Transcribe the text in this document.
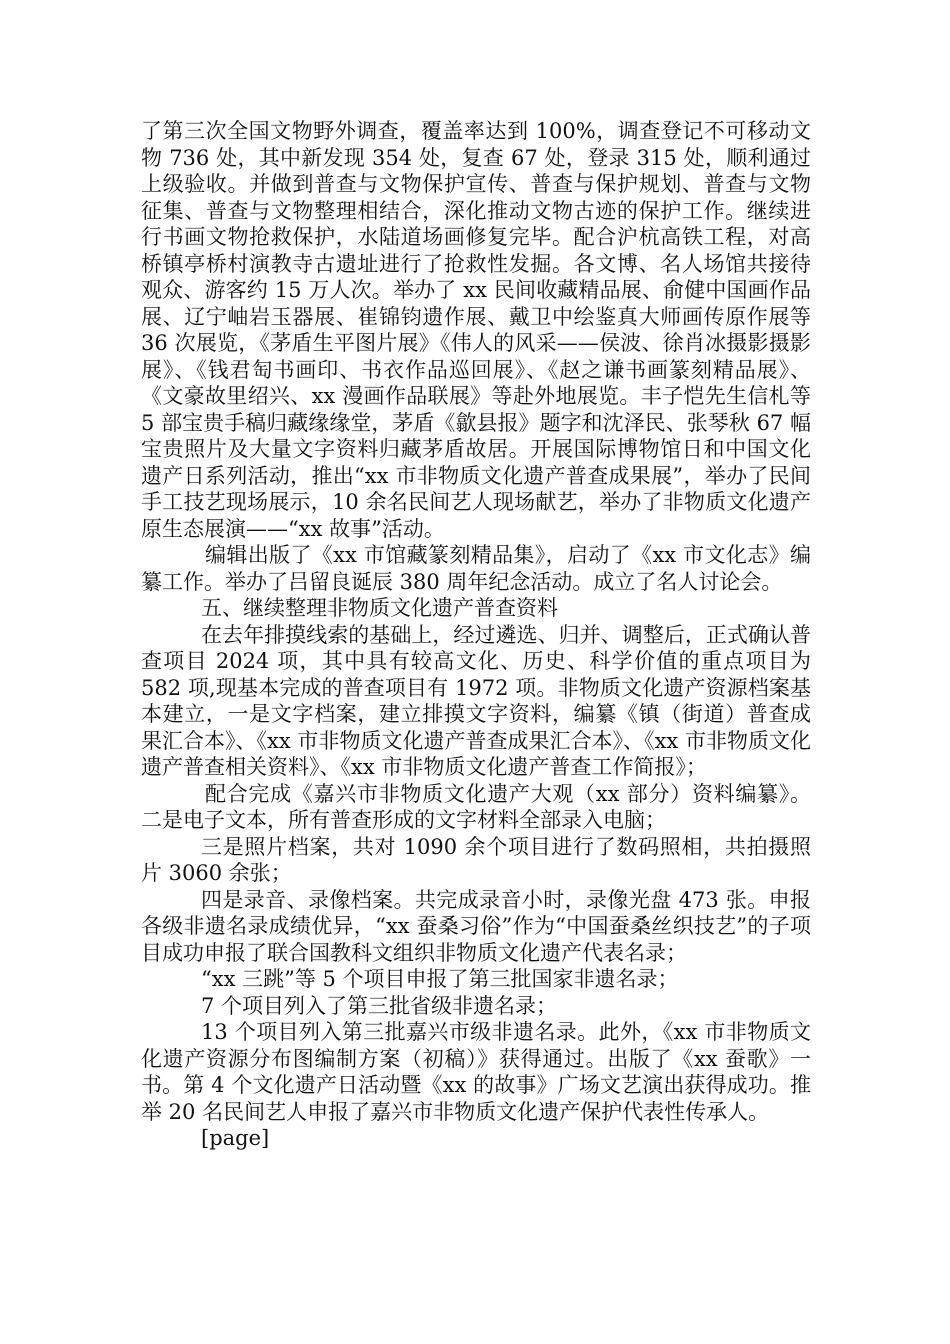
了第三次全国文物野外调查，覆盖率达到 100%，调查登记不可移动文物 736 处，其中新发现 354 处，复查 67 处，登录 315 处，顺利通过上级验收。并做到普查与文物保护宣传、普查与保护规划、普查与文物征集、普查与文物整理相结合，深化推动文物古迹的保护工作。继续进行书画文物抢救保护，水陆道场画修复完毕。配合沪杭高铁工程，对高桥镇亭桥村演教寺古遗址进行了抢救性发掘。各文博、名人场馆共接待观众、游客约 15 万人次。举办了 xx 民间收藏精品展、俞健中国画作品展、辽宁岫岩玉器展、崔锦钧遗作展、戴卫中绘鉴真大师画传原作展等 36 次展览，《茅盾生平图片展》《伟人的风采——侯波、徐肖冰摄影摄影展》、《钱君匋书画印、书衣作品巡回展》、《赵之谦书画篆刻精品展》、《文豪故里绍兴、xx 漫画作品联展》等赴外地展览。丰子恺先生信札等 5 部宝贵手稿归藏缘缘堂，茅盾《歙县报》题字和沈泽民、张琴秋 67 幅宝贵照片及大量文字资料归藏茅盾故居。开展国际博物馆日和中国文化遗产日系列活动，推出“xx 市非物质文化遗产普查成果展”，举办了民间手工技艺现场展示，10 余名民间艺人现场献艺，举办了非物质文化遗产原生态展演——“xx 故事”活动。

编辑出版了《xx 市馆藏篆刻精品集》，启动了《xx 市文化志》编纂工作。举办了吕留良诞辰 380 周年纪念活动。成立了名人讨论会。

五、继续整理非物质文化遗产普查资料

在去年排摸线索的基础上，经过遴选、归并、调整后，正式确认普查项目 2024 项，其中具有较高文化、历史、科学价值的重点项目为 582 项,现基本完成的普查项目有 1972 项。非物质文化遗产资源档案基本建立，一是文字档案，建立排摸文字资料，编纂《镇（街道）普查成果汇合本》、《xx 市非物质文化遗产普查成果汇合本》、《xx 市非物质文化遗产普查相关资料》、《xx 市非物质文化遗产普查工作简报》；

配合完成《嘉兴市非物质文化遗产大观（xx 部分）资料编纂》。二是电子文本，所有普查形成的文字材料全部录入电脑；

三是照片档案，共对 1090 余个项目进行了数码照相，共拍摄照片 3060 余张；

四是录音、录像档案。共完成录音小时，录像光盘 473 张。申报各级非遗名录成绩优异，“xx 蚕桑习俗”作为“中国蚕桑丝织技艺”的子项目成功申报了联合国教科文组织非物质文化遗产代表名录；

“xx 三跳”等 5 个项目申报了第三批国家非遗名录；

7 个项目列入了第三批省级非遗名录；

13 个项目列入第三批嘉兴市级非遗名录。此外，《xx 市非物质文化遗产资源分布图编制方案（初稿）》获得通过。出版了《xx 蚕歌》一书。第 4 个文化遗产日活动暨《xx 的故事》广场文艺演出获得成功。推举 20 名民间艺人申报了嘉兴市非物质文化遗产保护代表性传承人。

[page]
